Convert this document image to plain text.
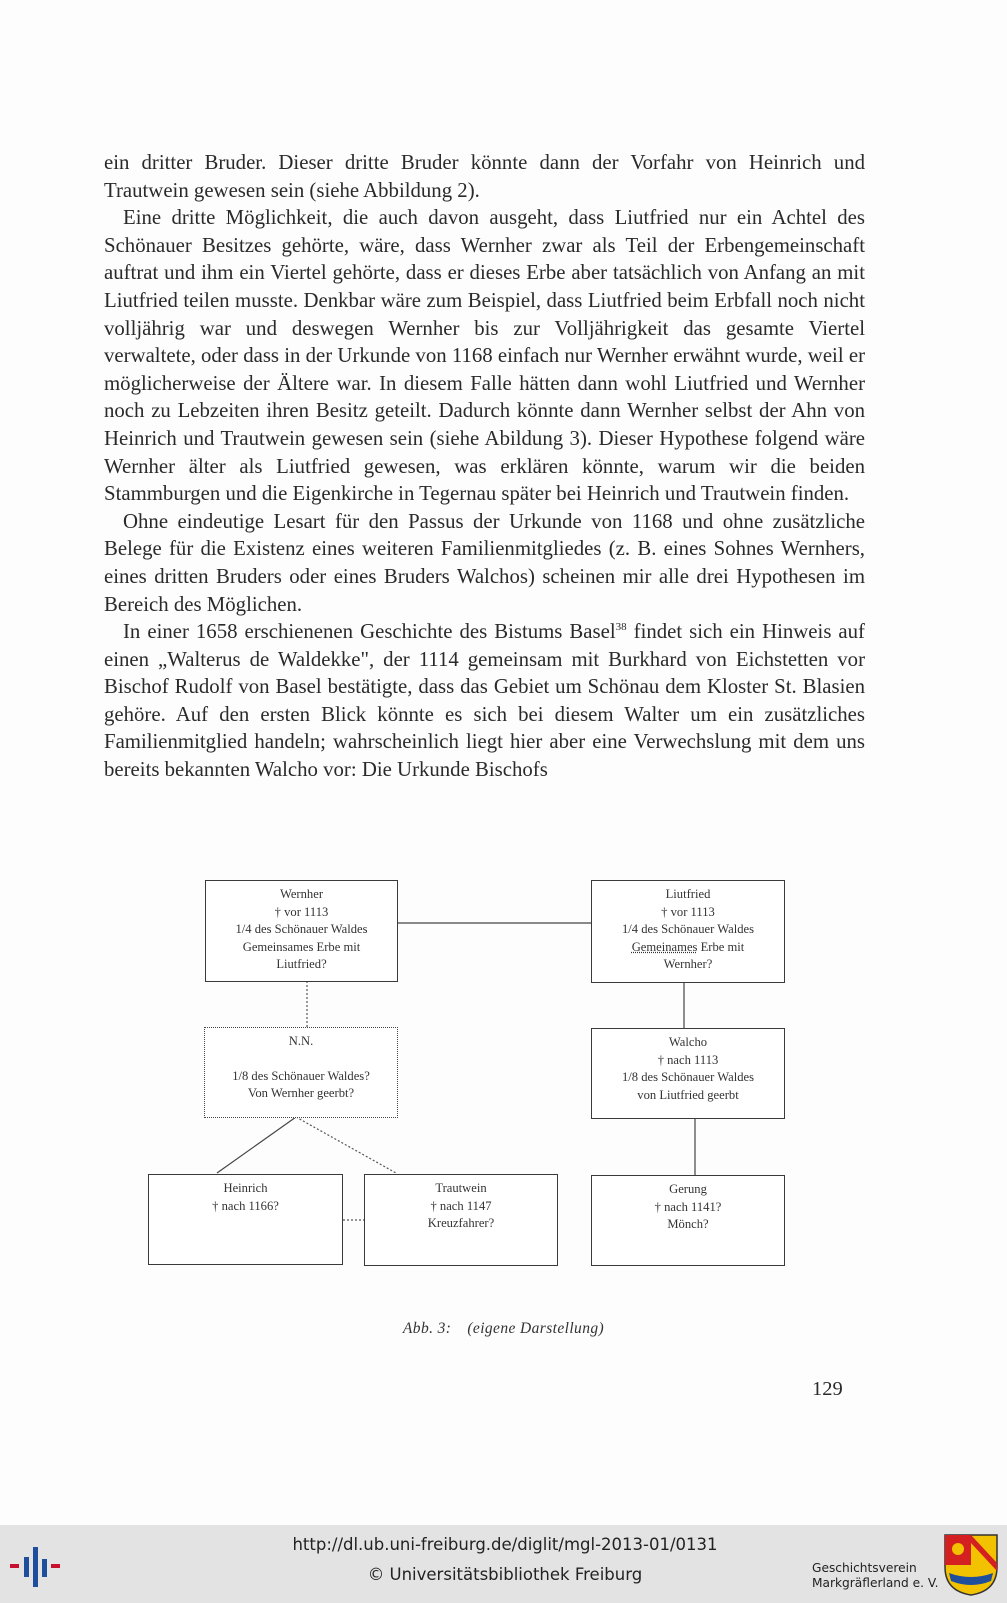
ein dritter Bruder. Dieser dritte Bruder könnte dann der Vorfahr von Heinrich und Trautwein gewesen sein (siehe Abbildung 2).

Eine dritte Möglichkeit, die auch davon ausgeht, dass Liutfried nur ein Achtel des Schönauer Besitzes gehörte, wäre, dass Wernher zwar als Teil der Erbengemeinschaft auftrat und ihm ein Viertel gehörte, dass er dieses Erbe aber tatsächlich von Anfang an mit Liutfried teilen musste. Denkbar wäre zum Beispiel, dass Liutfried beim Erbfall noch nicht volljährig war und deswegen Wernher bis zur Volljährigkeit das gesamte Viertel verwaltete, oder dass in der Urkunde von 1168 einfach nur Wernher erwähnt wurde, weil er möglicherweise der Ältere war. In diesem Falle hätten dann wohl Liutfried und Wernher noch zu Lebzeiten ihren Besitz geteilt. Dadurch könnte dann Wernher selbst der Ahn von Heinrich und Trautwein gewesen sein (siehe Abildung 3). Dieser Hypothese folgend wäre Wernher älter als Liutfried gewesen, was erklären könnte, warum wir die beiden Stammburgen und die Eigenkirche in Tegernau später bei Heinrich und Trautwein finden.

Ohne eindeutige Lesart für den Passus der Urkunde von 1168 und ohne zusätzliche Belege für die Existenz eines weiteren Familienmitgliedes (z. B. eines Sohnes Wernhers, eines dritten Bruders oder eines Bruders Walchos) scheinen mir alle drei Hypothesen im Bereich des Möglichen.

In einer 1658 erschienenen Geschichte des Bistums Basel$^{38}$ findet sich ein Hinweis auf einen „Walterus de Waldekke", der 1114 gemeinsam mit Burkhard von Eichstetten vor Bischof Rudolf von Basel bestätigte, dass das Gebiet um Schönau dem Kloster St. Blasien gehöre. Auf den ersten Blick könnte es sich bei diesem Walter um ein zusätzliches Familienmitglied handeln; wahrscheinlich liegt hier aber eine Verwechslung mit dem uns bereits bekannten Walcho vor: Die Urkunde Bischofs

Wernher
† vor 1113
1/4 des Schönauer Waldes
Gemeinsames Erbe mit
Liutfried?
Liutfried
† vor 1113
1/4 des Schönauer Waldes
Gemeinames Erbe mit
Wernher?
N.N.
1/8 des Schönauer Waldes?
Von Wernher geerbt?
Walcho
† nach 1113
1/8 des Schönauer Waldes
von Liutfried geerbt
Heinrich
† nach 1166?
Trautwein
† nach 1147
Kreuzfahrer?
Gerung
† nach 1141?
Mönch?
Abb. 3: (eigene Darstellung)
129
http://dl.ub.uni-freiburg.de/diglit/mgl-2013-01/0131
© Universitätsbibliothek Freiburg	Geschichtsverein
Markgräflerland e. V.
